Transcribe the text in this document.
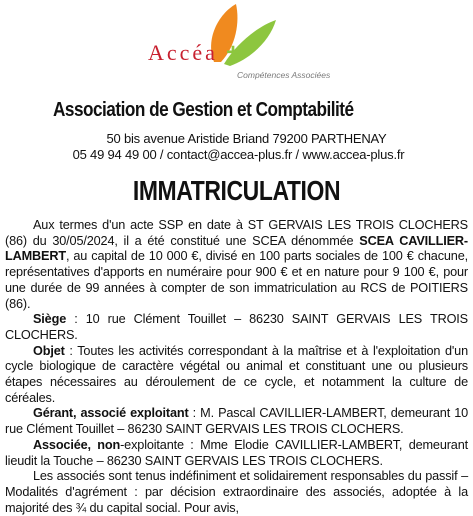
Accéa +
Compétences Associées
Association de Gestion et Comptabilité
50 bis avenue Aristide Briand 79200 PARTHENAY
05 49 94 49 00 / contact@accea-plus.fr / www.accea-plus.fr
IMMATRICULATION

Aux termes d'un acte SSP en date à ST GERVAIS LES TROIS CLOCHERS (86) du 30/05/2024, il a été constitué une SCEA dénommée SCEA CAVILLIER-LAMBERT, au capital de 10 000 €, divisé en 100 parts sociales de 100 € chacune, représentatives d'apports en numéraire pour 900 € et en nature pour 9 100 €, pour une durée de 99 années à compter de son immatriculation au RCS de POITIERS (86).

Siège : 10 rue Clément Touillet – 86230 SAINT GERVAIS LES TROIS CLOCHERS.

Objet : Toutes les activités correspondant à la maîtrise et à l'exploitation d'un cycle biologique de caractère végétal ou animal et constituant une ou plusieurs étapes nécessaires au déroulement de ce cycle, et notamment la culture de céréales.

Gérant, associé exploitant : M. Pascal CAVILLIER-LAMBERT, demeurant 10 rue Clément Touillet – 86230 SAINT GERVAIS LES TROIS CLOCHERS.

Associée, non-exploitante : Mme Elodie CAVILLIER-LAMBERT, demeurant lieudit la Touche – 86230 SAINT GERVAIS LES TROIS CLOCHERS.

Les associés sont tenus indéfiniment et solidairement responsables du passif – Modalités d'agrément : par décision extraordinaire des associés, adoptée à la majorité des ¾ du capital social. Pour avis,
